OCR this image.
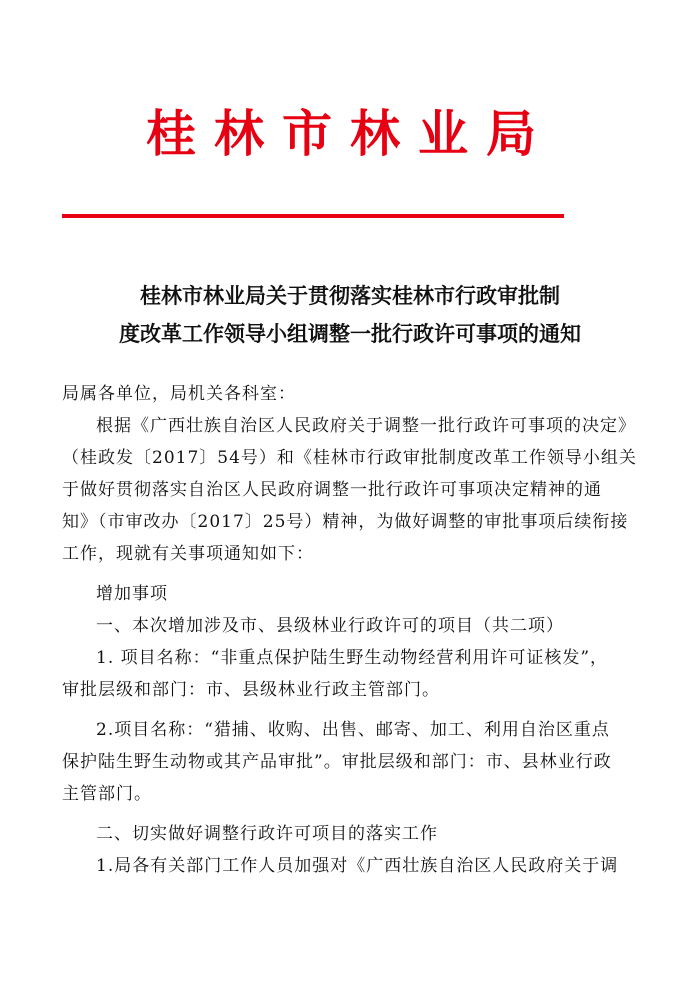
桂林市林业局
桂林市林业局关于贯彻落实桂林市行政审批制
度改革工作领导小组调整一批行政许可事项的通知

局属各单位，局机关各科室：

根据《广西壮族自治区人民政府关于调整一批行政许可事项的决定》

（桂政发〔2017〕54号）和《桂林市行政审批制度改革工作领导小组关

于做好贯彻落实自治区人民政府调整一批行政许可事项决定精神的通

知》（市审改办〔2017〕25号）精神，为做好调整的审批事项后续衔接

工作，现就有关事项通知如下：

增加事项

一、本次增加涉及市、县级林业行政许可的项目（共二项）

1. 项目名称：“非重点保护陆生野生动物经营利用许可证核发”，

审批层级和部门：市、县级林业行政主管部门。

2.项目名称：“猎捕、收购、出售、邮寄、加工、利用自治区重点

保护陆生野生动物或其产品审批”。审批层级和部门：市、县林业行政

主管部门。

二、切实做好调整行政许可项目的落实工作

1.局各有关部门工作人员加强对《广西壮族自治区人民政府关于调
